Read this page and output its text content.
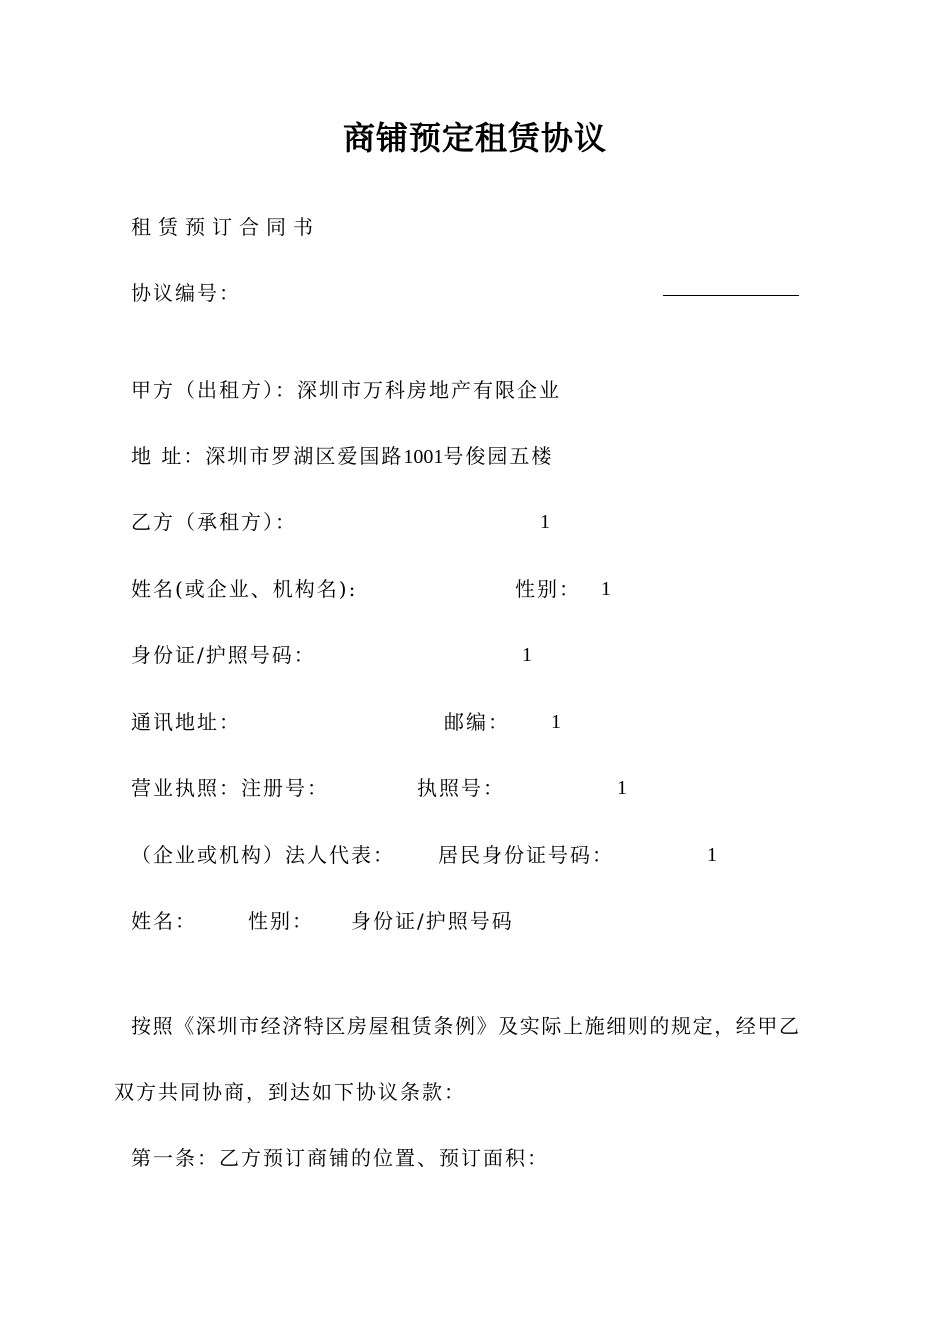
商铺预定租赁协议
租赁预订合同书
协议编号：
甲方（出租方）：深圳市万科房地产有限企业
地 址：深圳市罗湖区爱国路1001号俊园五楼
乙方（承租方）：	1
姓名(或企业、机构名):	性别： 1
身份证/护照号码：	1
通讯地址：	邮编： 1
营业执照：注册号：	执照号：	1
（企业或机构）法人代表： 居民身份证号码：	1
姓名：	性别： 身份证/护照号码
按照《深圳市经济特区房屋租赁条例》及实际上施细则的规定，经甲乙
双方共同协商，到达如下协议条款：
第一条：乙方预订商铺的位置、预订面积：
